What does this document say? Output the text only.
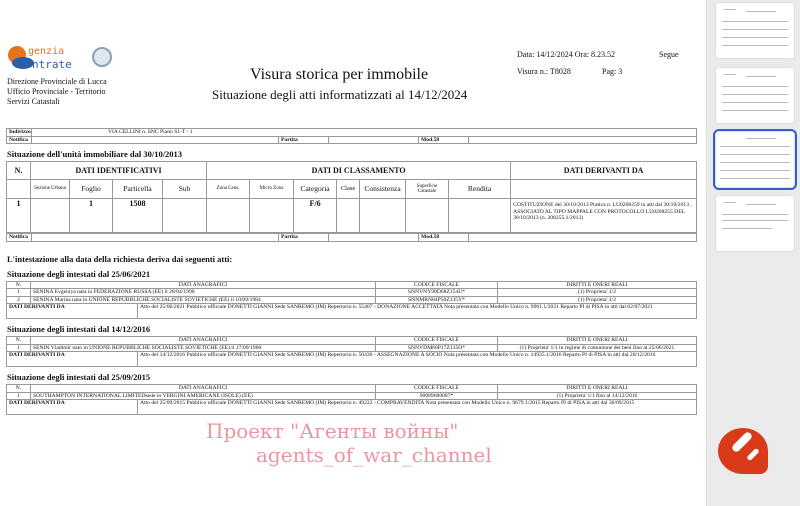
genzia
ntrate
Direzione Provinciale di Lucca
Ufficio Provinciale - Territorio
Servizi Catastali
Visura storica per immobile
Situazione degli atti informatizzati al 14/12/2024
Data: 14/12/2024 Ora: 8.23.52	Segue
Visura n.: T8028	Pag: 3
Indirizzo	VIA CELLINI n. SNC Piano S1-T - 1				
Notifica		Partita		Mod.58	
Situazione dell'unità immobiliare dal 30/10/2013
N.	DATI IDENTIFICATIVI				DATI DI CLASSAMENTO							DATI DERIVANTI DA
	Sezione Urbana	Foglio	Particella	Sub	Zona Cens.	Micro Zona	Categoria	Clase	Consistenza	Superficie Catastale	Rendita	
1		1	1508				F/6					COSTITUZIONE del 30/10/2013 Pratica n. LU0208259 in atti dal 30/10/2013 , ASSOCIATO AL TIPO MAPPALE CON PROTOCOLLO LU0208255 DEL 30/10/2013 (n. 208255.1/2013)
Notifica		Partita		Mod.58	
L'intestazione alla data della richiesta deriva dai seguenti atti:
Situazione degli intestati dal 25/06/2021
N.	DATI ANAGRAFICI		CODICE FISCALE	DIRITTI E ONERI REALI
1	SENINA Evgeniya nata in FEDERAZIONE RUSSA (EE) il 28/04/1990		SNNVNY90D68Z154U*	(1) Proprieta' 1/2
2	SENINA Marina nata in UNIONE REPUBBLICHE SOCIALISTE SOVIETICHE (EE) il 10/09/1984		SNNMRN84P50Z135Y*	(1) Proprieta' 1/2
DATI DERIVANTI DA		Atto del 25/06/2021 Pubblico ufficiale DONETTI GIANNI Sede SANREMO (IM) Repertorio n. 55407 - DONAZIONE ACCETTATA Nota presentata con Modello Unico n. 9961.1/2021 Reparto PI di PISA in atti dal 02/07/2021		
Situazione degli intestati dal 14/12/2016
N.	DATI ANAGRAFICI		CODICE FISCALE	DIRITTI E ONERI REALI
1	SENIN Vladimir nato in UNIONE REPUBBLICHE SOCIALISTE SOVIETICHE (EE) il 17/09/1960		SNNVDM60P17Z135O*	(1) Proprieta' 1/1 in regime di comunione dei beni fino al 25/06/2021
DATI DERIVANTI DA		Atto del 14/12/2016 Pubblico ufficiale DONETTI GIANNI Sede SANREMO (IM) Repertorio n. 50436 - ASSEGNAZIONE A SOCIO Nota presentata con Modello Unico n. 14935.1/2016 Reparto PI di PISA in atti dal 20/12/2016		
Situazione degli intestati dal 25/09/2015
N.	DATI ANAGRAFICI		CODICE FISCALE	DIRITTI E ONERI REALI
1	SOUTHAMPTON INTERNATIONAL LIMITEDsede in VERGINI AMERICANE (ISOLE) (EE)		90089680087*	(1) Proprieta' 1/1 fino al 14/12/2016
DATI DERIVANTI DA		Atto del 25/09/2015 Pubblico ufficiale DONETTI GIANNI Sede SANREMO (IM) Repertorio n. 49222 - COMPRAVENDITA Nota presentata con Modello Unico n. 9679.1/2015 Reparto PI di PISA in atti dal 30/09/2015		
Проект "Агенты войны"
agents_of_war_channel
